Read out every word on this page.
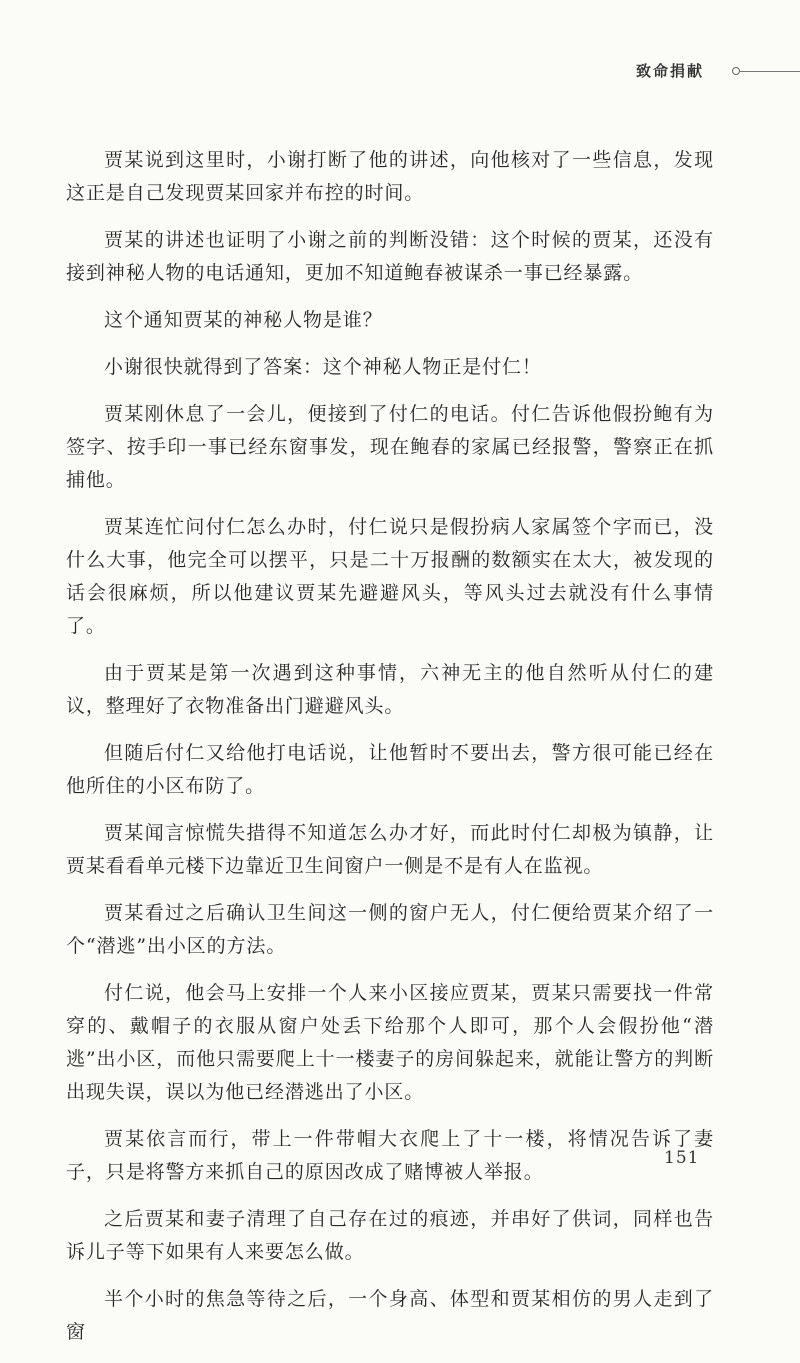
致命捐献

贾某说到这里时，小谢打断了他的讲述，向他核对了一些信息，发现这正是自己发现贾某回家并布控的时间。

贾某的讲述也证明了小谢之前的判断没错：这个时候的贾某，还没有接到神秘人物的电话通知，更加不知道鲍春被谋杀一事已经暴露。

这个通知贾某的神秘人物是谁？

小谢很快就得到了答案：这个神秘人物正是付仁！

贾某刚休息了一会儿，便接到了付仁的电话。付仁告诉他假扮鲍有为签字、按手印一事已经东窗事发，现在鲍春的家属已经报警，警察正在抓捕他。

贾某连忙问付仁怎么办时，付仁说只是假扮病人家属签个字而已，没什么大事，他完全可以摆平，只是二十万报酬的数额实在太大，被发现的话会很麻烦，所以他建议贾某先避避风头，等风头过去就没有什么事情了。

由于贾某是第一次遇到这种事情，六神无主的他自然听从付仁的建议，整理好了衣物准备出门避避风头。

但随后付仁又给他打电话说，让他暂时不要出去，警方很可能已经在他所住的小区布防了。

贾某闻言惊慌失措得不知道怎么办才好，而此时付仁却极为镇静，让贾某看看单元楼下边靠近卫生间窗户一侧是不是有人在监视。

贾某看过之后确认卫生间这一侧的窗户无人，付仁便给贾某介绍了一个“潜逃”出小区的方法。

付仁说，他会马上安排一个人来小区接应贾某，贾某只需要找一件常穿的、戴帽子的衣服从窗户处丢下给那个人即可，那个人会假扮他“潜逃”出小区，而他只需要爬上十一楼妻子的房间躲起来，就能让警方的判断出现失误，误以为他已经潜逃出了小区。

贾某依言而行，带上一件带帽大衣爬上了十一楼，将情况告诉了妻子，只是将警方来抓自己的原因改成了赌博被人举报。

之后贾某和妻子清理了自己存在过的痕迹，并串好了供词，同样也告诉儿子等下如果有人来要怎么做。

半个小时的焦急等待之后，一个身高、体型和贾某相仿的男人走到了窗

151
